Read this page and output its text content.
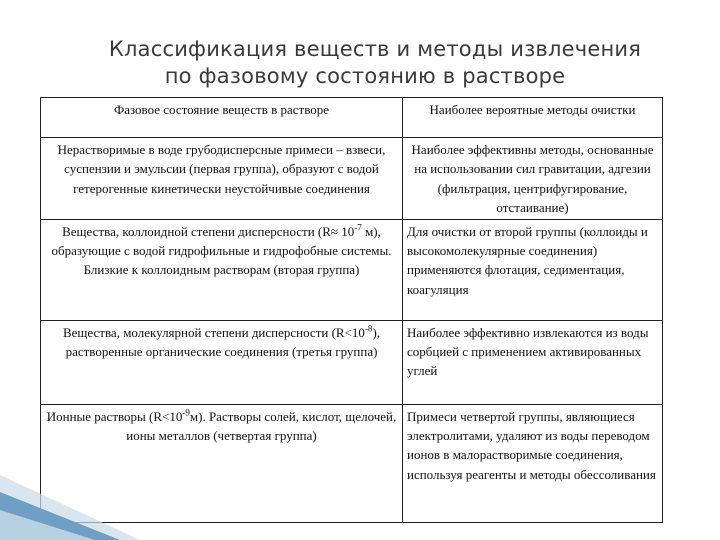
Классификация веществ и методы извлечения
по фазовому состоянию в растворе
Фазовое состояние веществ в растворе	Наиболее вероятные методы очистки
Нерастворимые в воде грубодисперсные примеси – взвеси, суспензии и эмульсии (первая группа), образуют с водой гетерогенные кинетически неустойчивые соединения	Наиболее эффективны методы, основанные на использовании сил гравитации, адгезии (фильтрация, центрифугирование, отстаивание)
Вещества, коллоидной степени дисперсности ($R\approx 10^{-7}$ м), образующие с водой гидрофильные и гидрофобные системы. Близкие к коллоидным растворам (вторая группа)	Для очистки от второй группы (коллоиды и высокомолекулярные соединения) применяются флотация, седиментация, коагуляция
Вещества, молекулярной степени дисперсности $(R<10^{-8})$, растворенные органические соединения (третья группа)	Наиболее эффективно извлекаются из воды сорбцией с применением активированных углей
Ионные растворы $(R<10^{-9}м)$. Растворы солей, кислот, щелочей, ионы металлов (четвертая группа)	Примеси четвертой группы, являющиеся электролитами, удаляют из воды переводом ионов в малорастворимые соединения, используя реагенты и методы обессоливания
